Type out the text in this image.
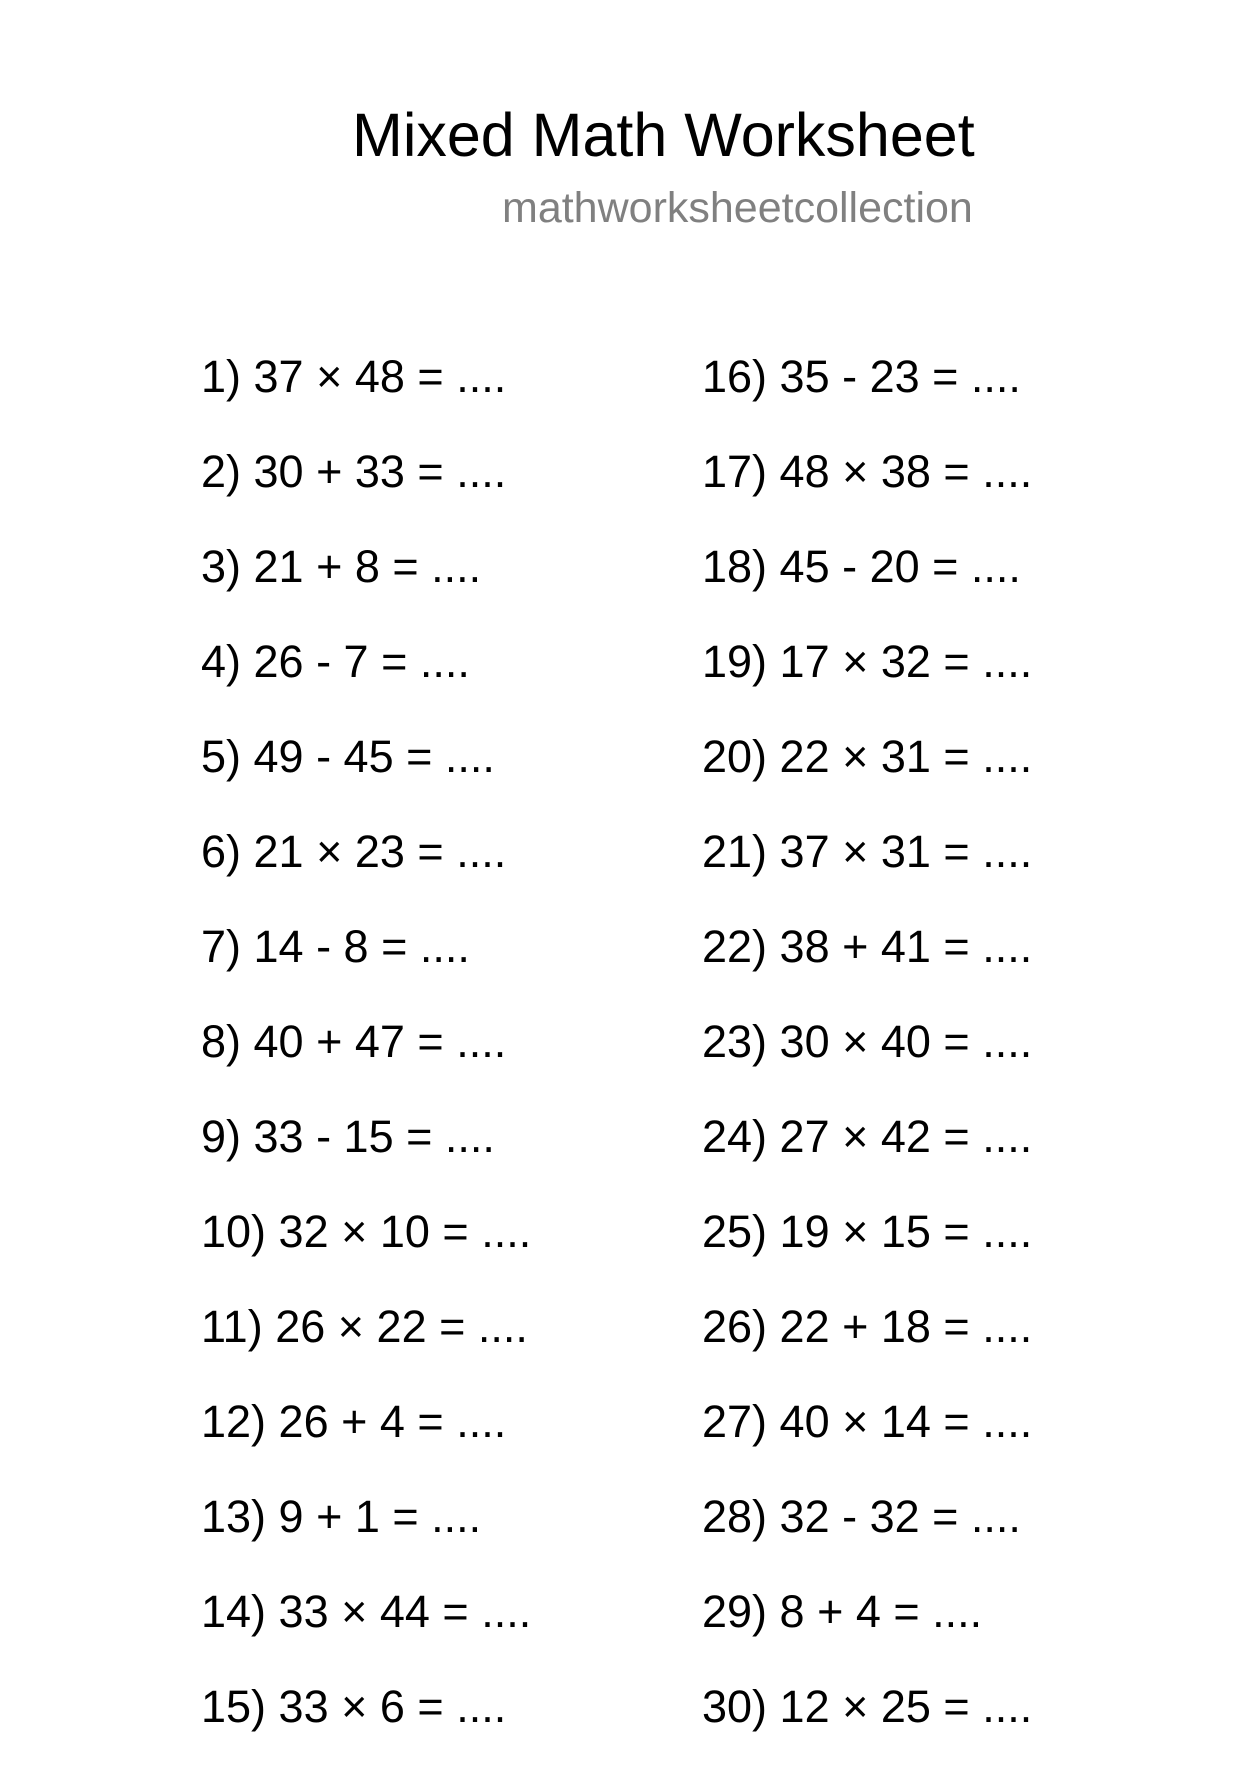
Mixed Math Worksheet
mathworksheetcollection
1) 37 × 48 = ....
2) 30 + 33 = ....
3) 21 + 8 = ....
4) 26 - 7 = ....
5) 49 - 45 = ....
6) 21 × 23 = ....
7) 14 - 8 = ....
8) 40 + 47 = ....
9) 33 - 15 = ....
10) 32 × 10 = ....
11) 26 × 22 = ....
12) 26 + 4 = ....
13) 9 + 1 = ....
14) 33 × 44 = ....
15) 33 × 6 = ....
16) 35 - 23 = ....
17) 48 × 38 = ....
18) 45 - 20 = ....
19) 17 × 32 = ....
20) 22 × 31 = ....
21) 37 × 31 = ....
22) 38 + 41 = ....
23) 30 × 40 = ....
24) 27 × 42 = ....
25) 19 × 15 = ....
26) 22 + 18 = ....
27) 40 × 14 = ....
28) 32 - 32 = ....
29) 8 + 4 = ....
30) 12 × 25 = ....
